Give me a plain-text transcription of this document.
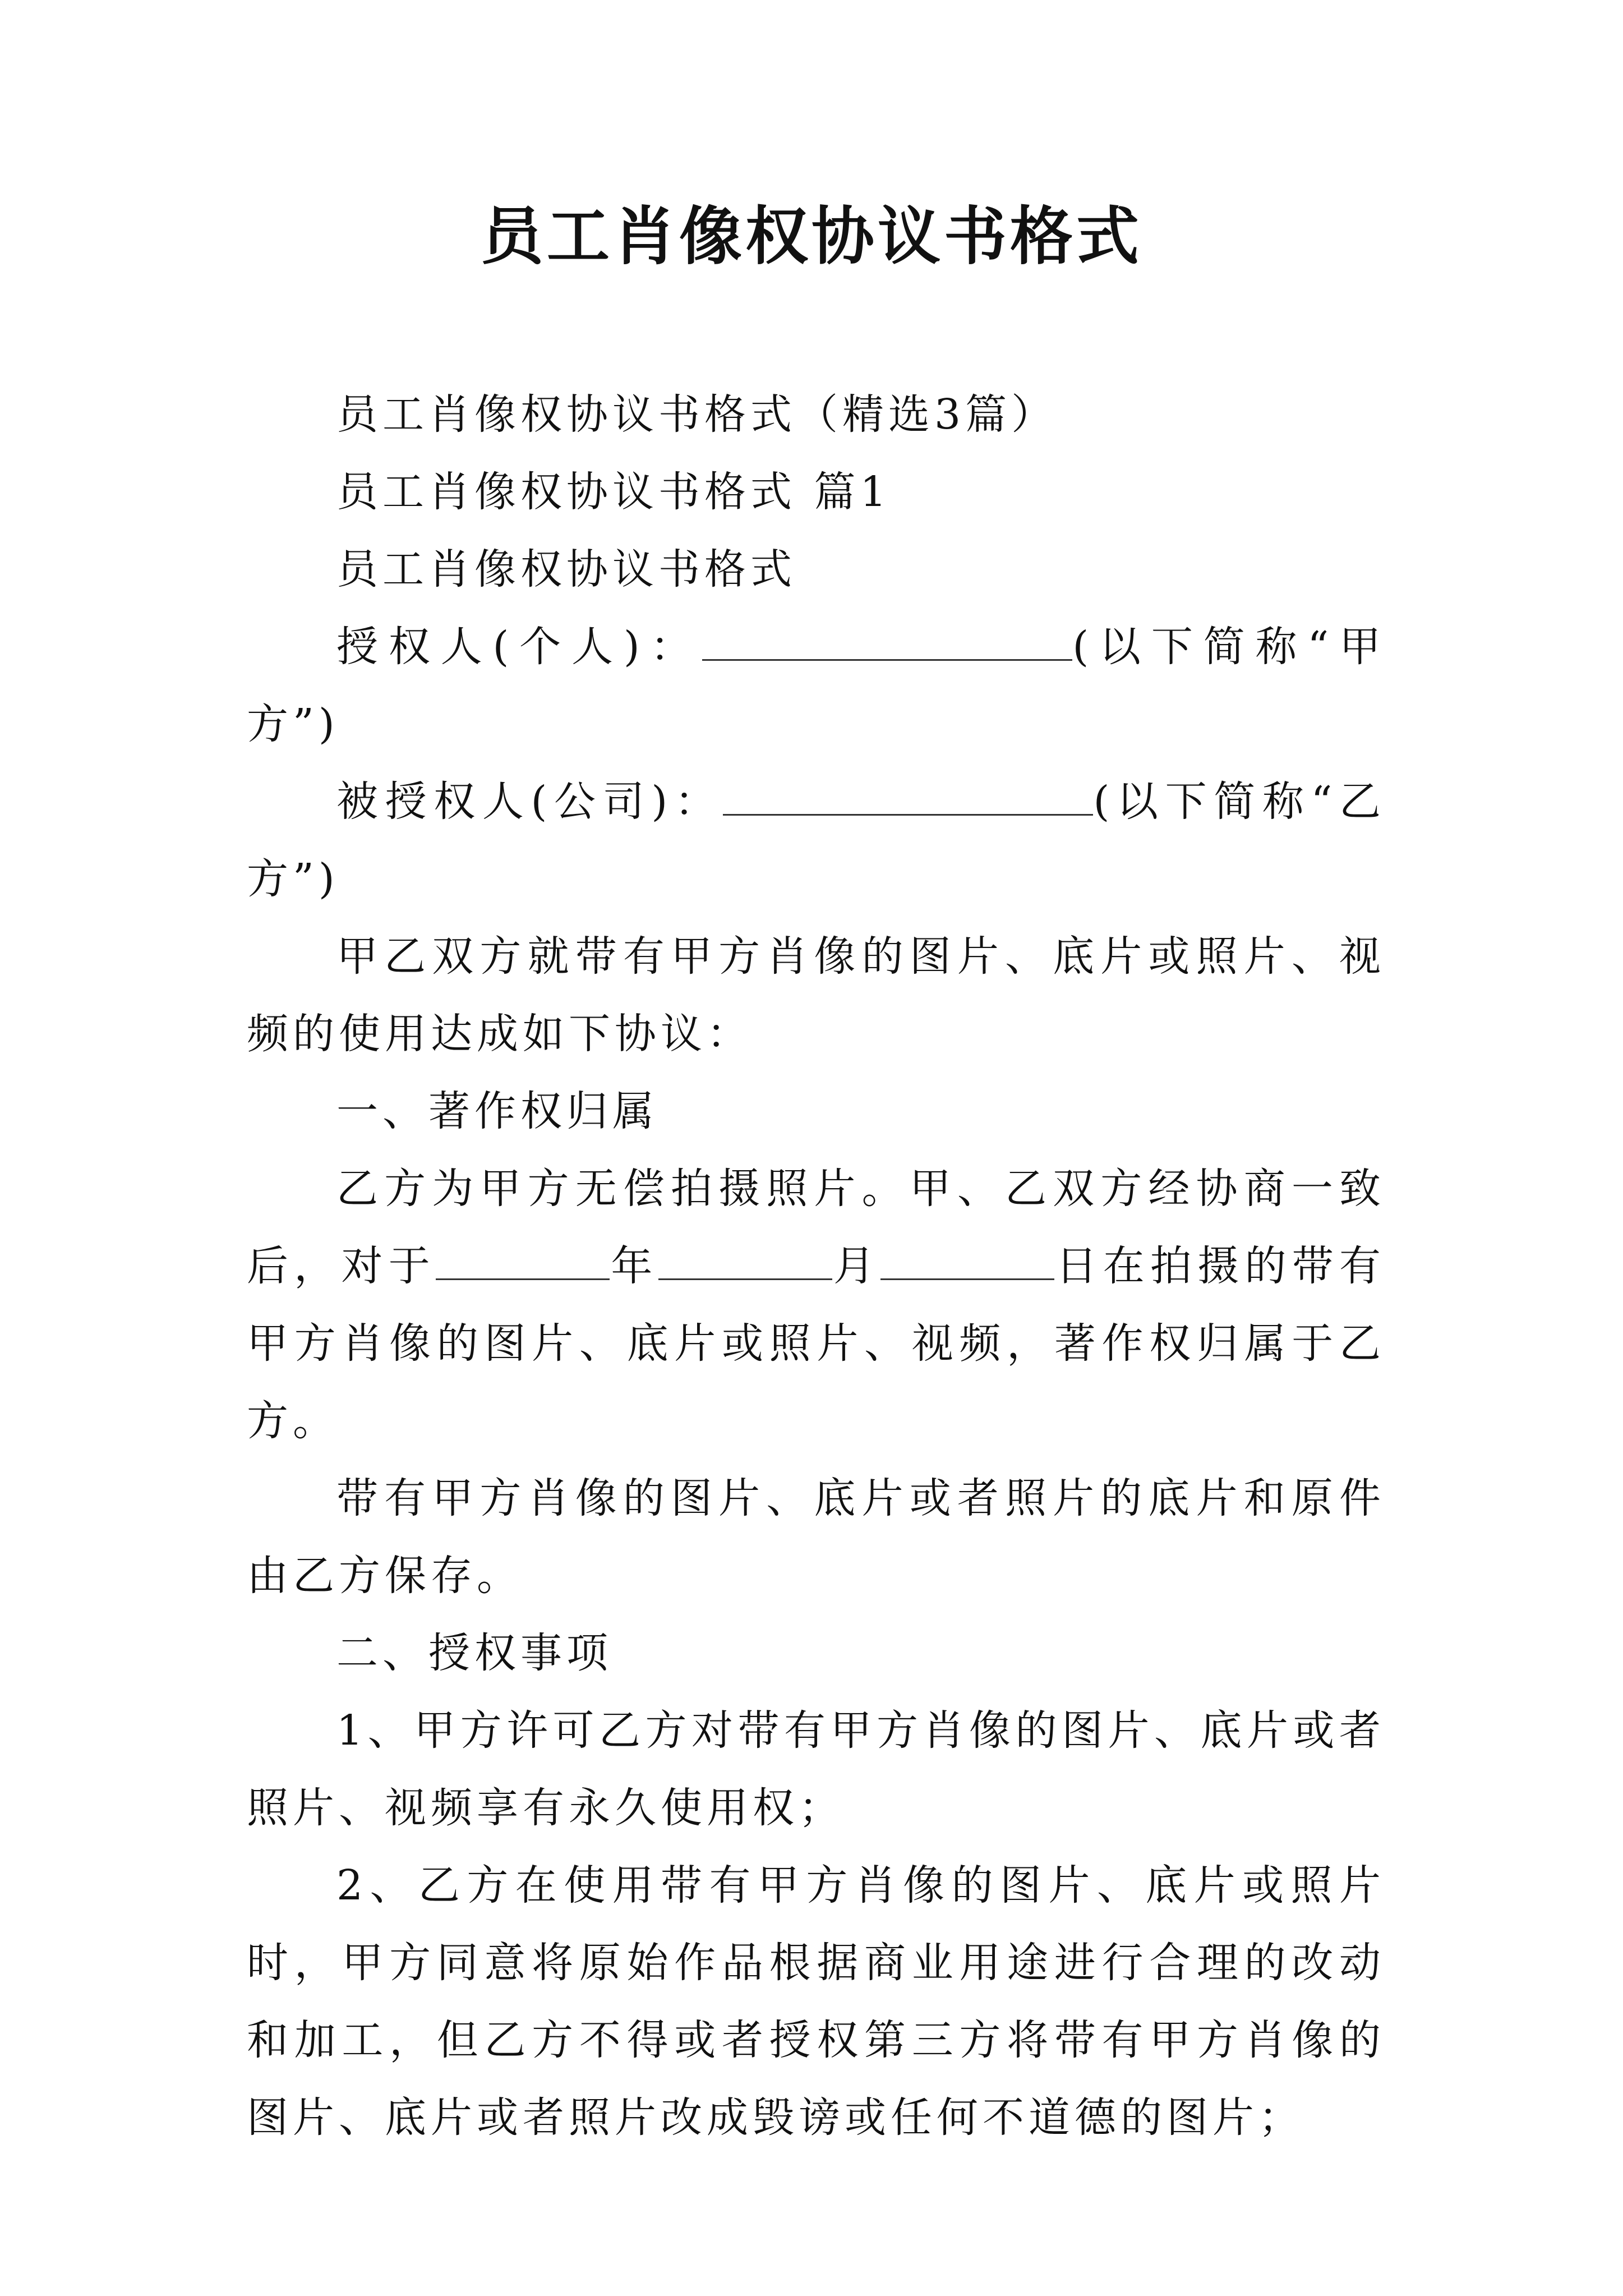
员工肖像权协议书格式

员工肖像权协议书格式（精选3篇）

员工肖像权协议书格式 篇1

员工肖像权协议书格式

授权人(个人)：	(以下简称“甲方”)

被授权人(公司)：	(以下简称“乙方”)

甲乙双方就带有甲方肖像的图片、底片或照片、视频的使用达成如下协议：

一、著作权归属

乙方为甲方无偿拍摄照片。甲、乙双方经协商一致后，对于	年	月	日在拍摄的带有甲方肖像的图片、底片或照片、视频，著作权归属于乙方。

带有甲方肖像的图片、底片或者照片的底片和原件由乙方保存。

二、授权事项

1、甲方许可乙方对带有甲方肖像的图片、底片或者照片、视频享有永久使用权；

2、乙方在使用带有甲方肖像的图片、底片或照片时，甲方同意将原始作品根据商业用途进行合理的改动和加工，但乙方不得或者授权第三方将带有甲方肖像的图片、底片或者照片改成毁谤或任何不道德的图片；
